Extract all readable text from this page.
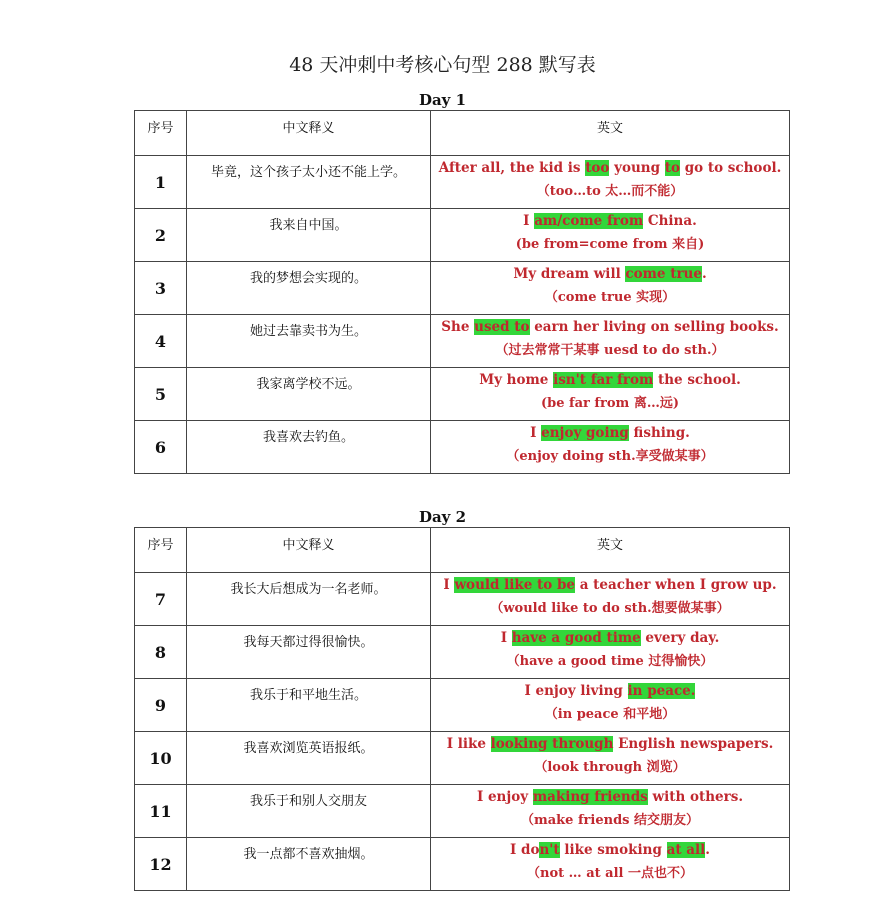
48 天冲刺中考核心句型 288 默写表
Day 1
序号	中文释义	英文
1	毕竟，这个孩子太小还不能上学。	After all, the kid is too young to go to school.
（too…to 太…而不能）

2	我来自中国。	I am/come from China.
(be from=come from 来自)

3	我的梦想会实现的。	My dream will come true.
（come true 实现）

4	她过去靠卖书为生。	She used to earn her living on selling books.
（过去常常干某事 uesd to do sth.）

5	我家离学校不远。	My home isn't far from the school.
(be far from 离…远)

6	我喜欢去钓鱼。	I enjoy going fishing.
（enjoy doing sth.享受做某事）
Day 2
序号	中文释义	英文
7	我长大后想成为一名老师。	I would like to be a teacher when I grow up.
（would like to do sth.想要做某事）

8	我每天都过得很愉快。	I have a good time every day.
（have a good time 过得愉快）

9	我乐于和平地生活。	I enjoy living in peace.
（in peace 和平地）

10	我喜欢浏览英语报纸。	I like looking through English newspapers.
（look through 浏览）

11	我乐于和别人交朋友	I enjoy making friends with others.
（make friends 结交朋友）

12	我一点都不喜欢抽烟。	I don't like smoking at all.
（not … at all 一点也不）
